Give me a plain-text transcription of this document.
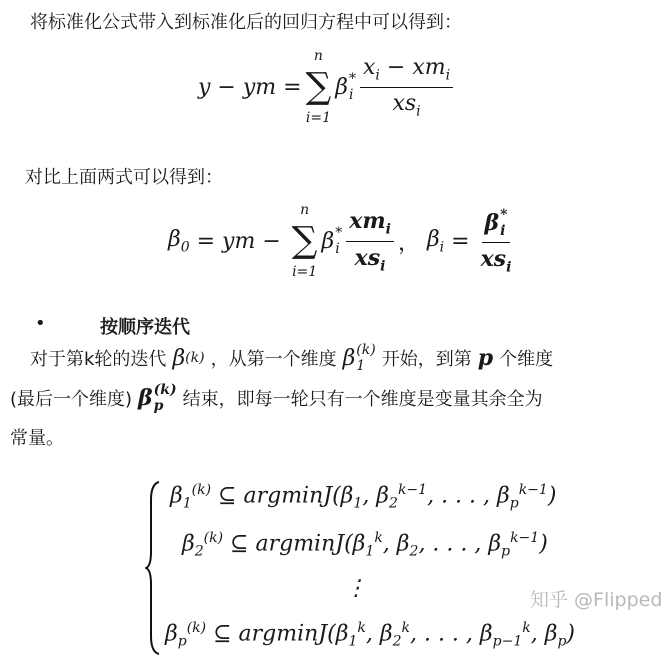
将标准化公式带入到标准化后的回归方程中可以得到：
y − ym =
n
∑
i=1
β *
i $\frac{x_i - xm_i}{xs_i}$
对比上面两式可以得到：
$\beta_0$ = ym −
n
∑
i=1
β *
i $\frac{xm_i}{xs_i}$ ， $\beta_i = \beta$ *
i
$xs_i$
•	按顺序迭代
对于第k轮的迭代 β (k) ，从第一个维度 β (k)
1 开始，到第 p 个维度
(最后一个维度) β (k)
p	结束，即每一轮只有一个维度是变量其余全为
常量。
$\beta_1^{(k)}$ ⊆ $argminJ(\beta_1$, $\beta_2^{k-1}$, . . . , $\beta_p^{k-1}$)
$\beta_2^{(k)}$ ⊆ $argminJ(\beta_1^k$, $\beta_2$, . . . , $\beta_p^{k-1}$)
⋮
$\beta_p^{(k)}$ ⊆ $argminJ(\beta_1^k$, $\beta_2^k$, . . . , $\beta_{p-1}^k$, $\beta_p$)
知乎 @Flipped
